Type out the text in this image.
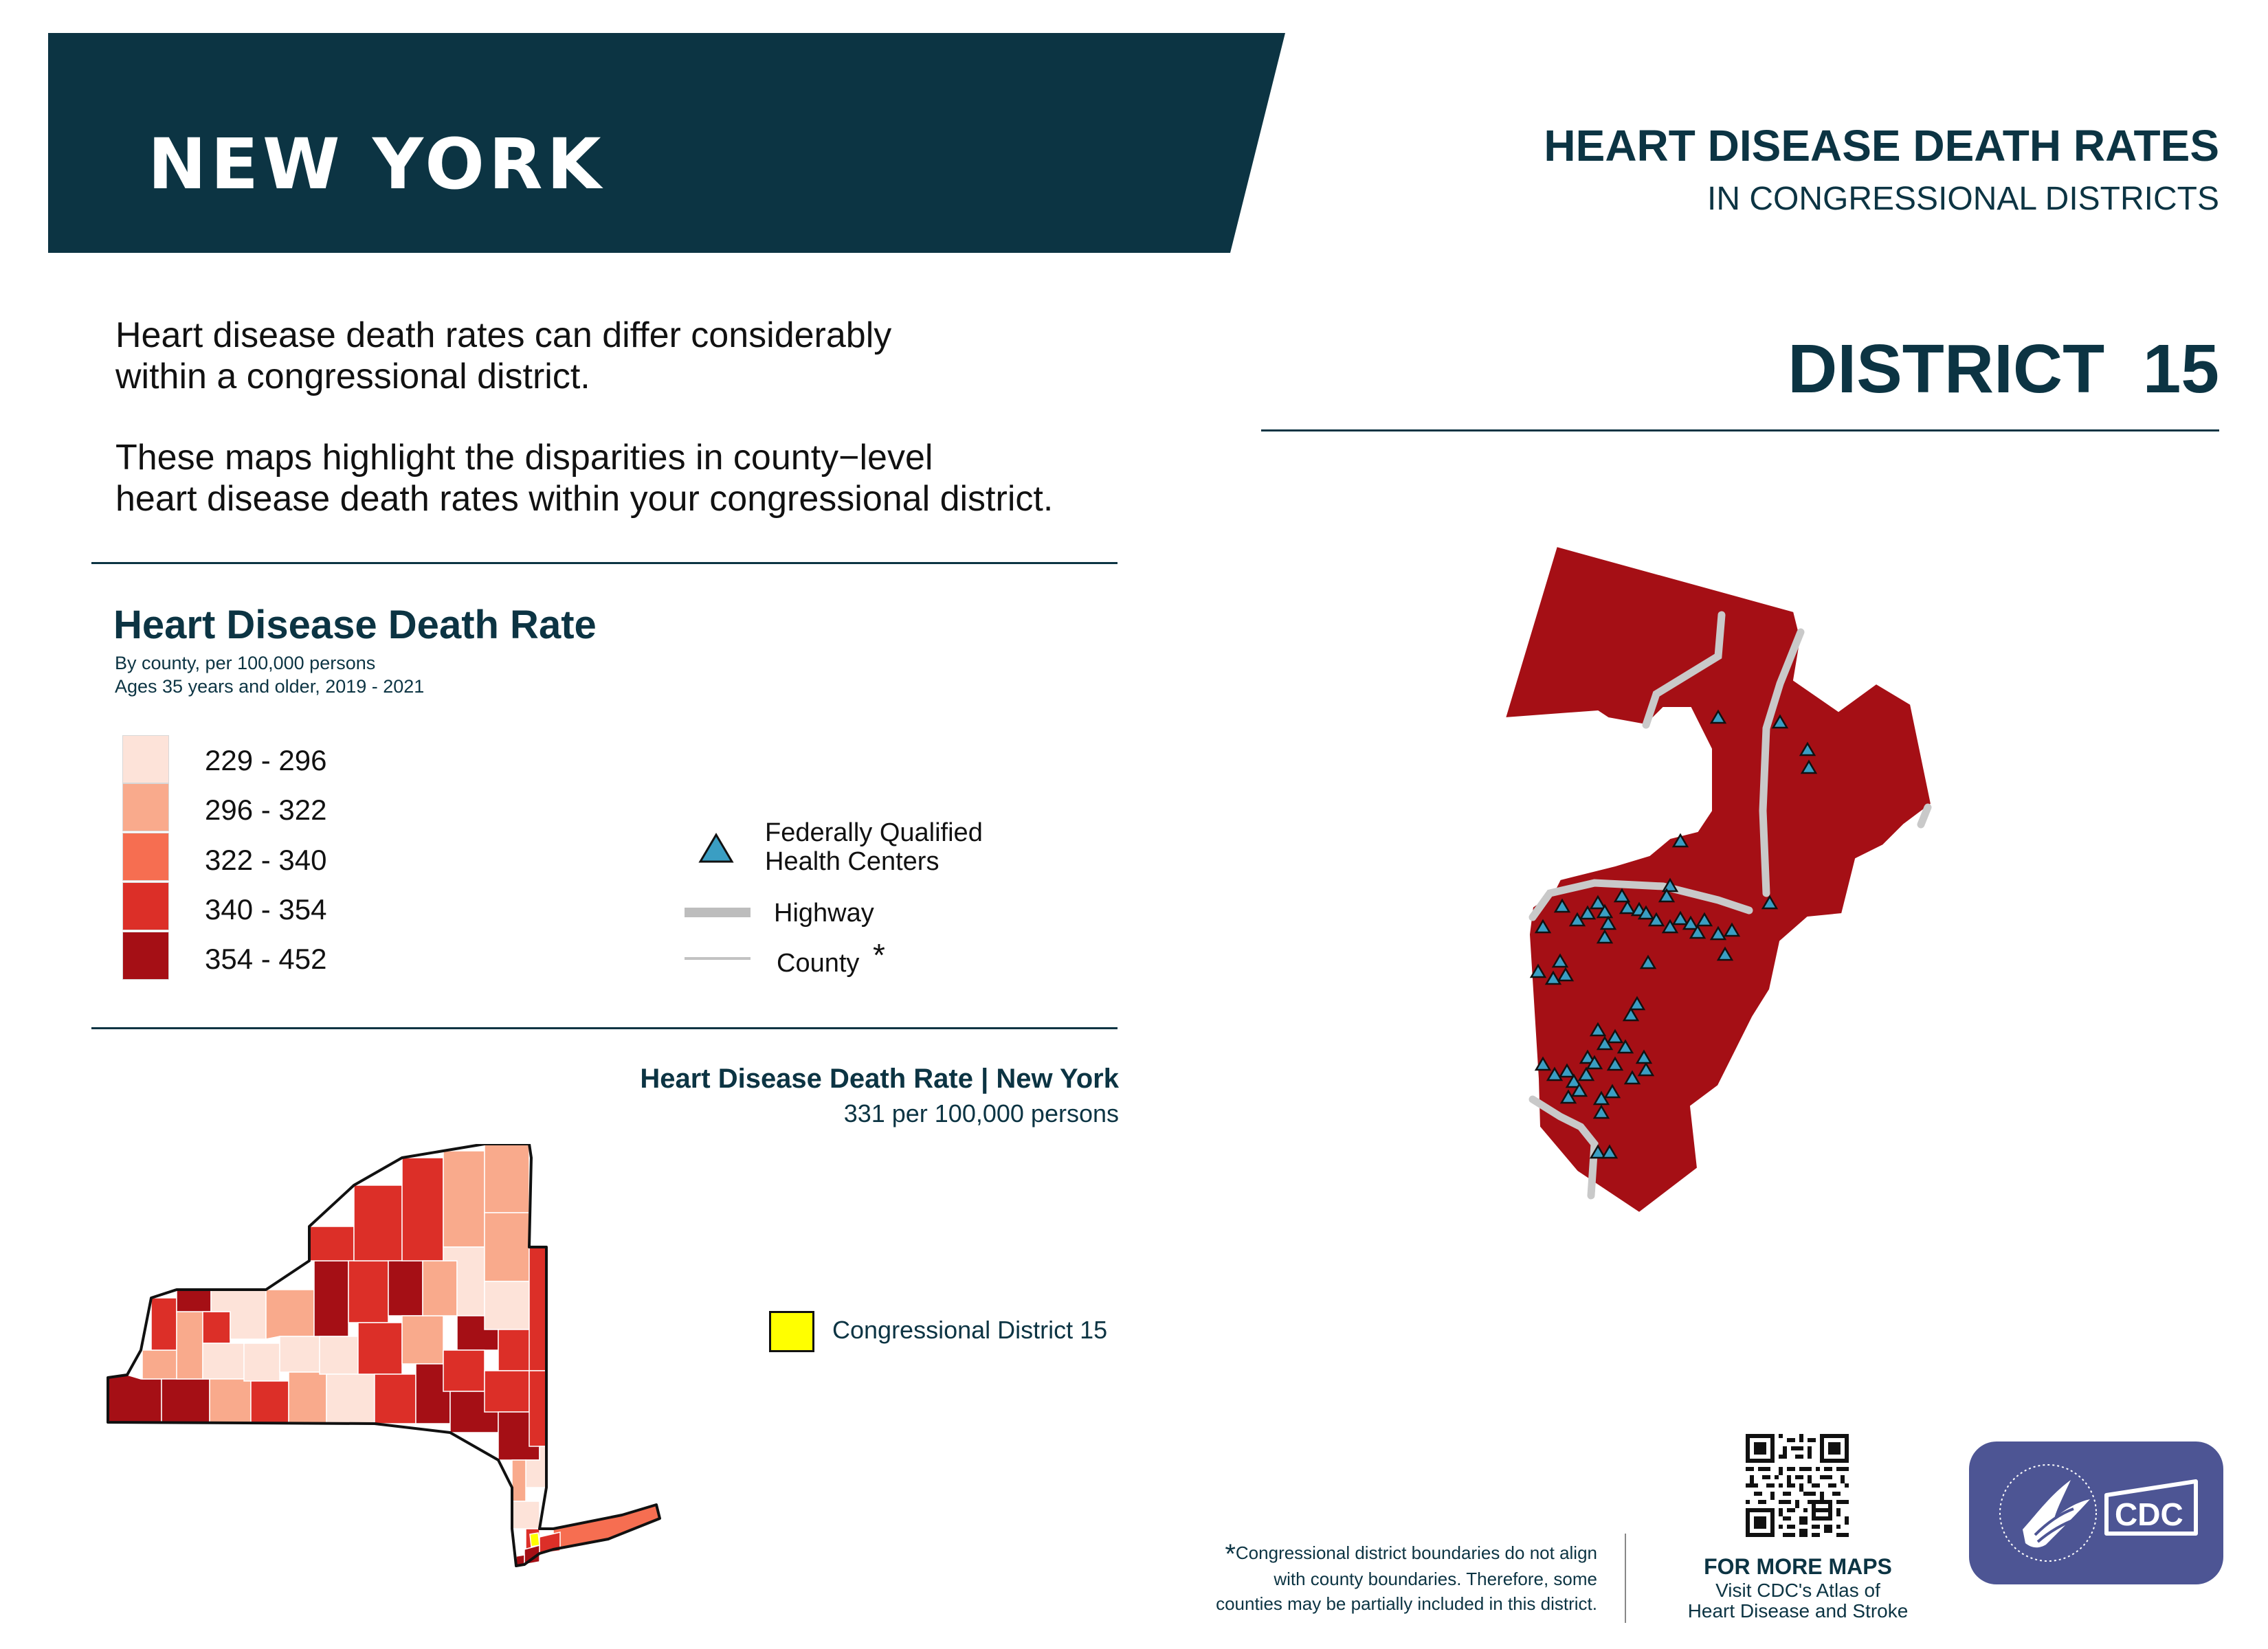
NEW YORK	HEART DISEASE DEATH RATES
IN CONGRESSIONAL DISTRICTS
DISTRICT  15
Heart disease death rates can differ considerably
within a congressional district.
These maps highlight the disparities in county−level
heart disease death rates within your congressional district.
Heart Disease Death Rate
By county, per 100,000 persons
Ages 35 years and older, 2019 - 2021
229 - 296
296 - 322
322 - 340
340 - 354
354 - 452
Federally Qualified
Health Centers
Highway
County *
Heart Disease Death Rate | New York
331 per 100,000 persons
Congressional District 15
*Congressional district boundaries do not align
with county boundaries. Therefore, some
counties may be partially included in this district.
FOR MORE MAPS
Visit CDC's Atlas of
Heart Disease and Stroke
CDC
